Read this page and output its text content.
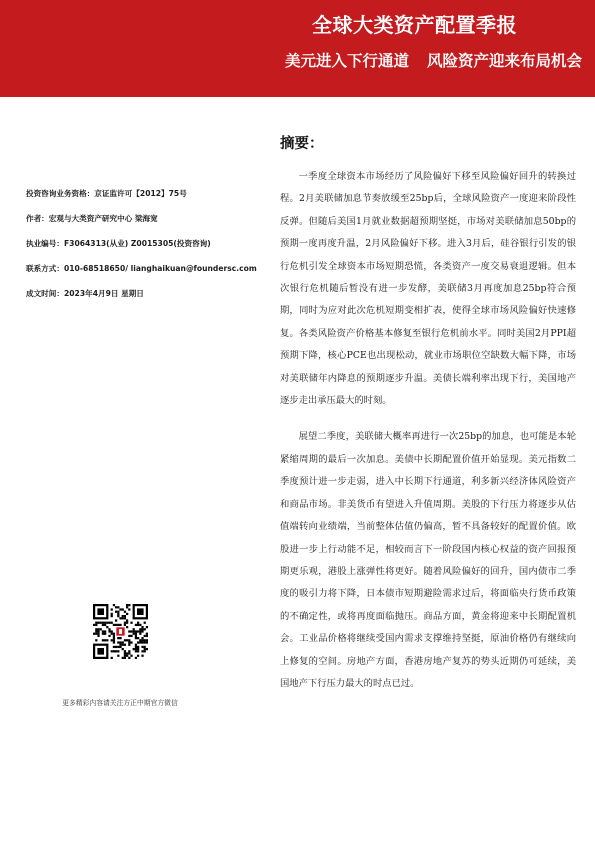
全球大类资产配置季报
美元进入下行通道 风险资产迎来布局机会
投资咨询业务资格：京证监许可【2012】75号
作者：宏观与大类资产研究中心 梁海宽
执业编号：F3064313(从业) Z0015305(投资咨询)
联系方式：010-68518650/ lianghaikuan@foundersc.com
成文时间：2023年4月9日 星期日
更多精彩内容请关注方正中期官方微信
摘要：

一季度全球资本市场经历了风险偏好下移至风险偏好回升的转换过程。2月美联储加息节奏放缓至25bp后，全球风险资产一度迎来阶段性反弹。但随后美国1月就业数据超预期坚挺，市场对美联储加息50bp的预期一度再度升温，2月风险偏好下移。进入3月后，硅谷银行引发的银行危机引发全球资本市场短期恐慌，各类资产一度交易衰退逻辑。但本次银行危机随后暂没有进一步发酵，美联储3月再度加息25bp符合预期，同时为应对此次危机短期变相扩表，使得全球市场风险偏好快速修复。各类风险资产价格基本修复至银行危机前水平。同时美国2月PPI超预期下降，核心PCE也出现松动，就业市场职位空缺数大幅下降，市场对美联储年内降息的预期逐步升温。美债长端利率出现下行，美国地产逐步走出承压最大的时刻。

展望二季度，美联储大概率再进行一次25bp的加息，也可能是本轮紧缩周期的最后一次加息。美债中长期配置价值开始显现。美元指数二季度预计进一步走弱，进入中长期下行通道，利多新兴经济体风险资产和商品市场。非美货币有望进入升值周期。美股的下行压力将逐步从估值端转向业绩端，当前整体估值仍偏高，暂不具备较好的配置价值。欧股进一步上行动能不足，相较而言下一阶段国内核心权益的资产回报预期更乐观，港股上涨弹性将更好。随着风险偏好的回升，国内债市二季度的吸引力将下降，日本债市短期避险需求过后，将面临央行货币政策的不确定性，或将再度面临抛压。商品方面，黄金将迎来中长期配置机会。工业品价格将继续受国内需求支撑维持坚挺，原油价格仍有继续向上修复的空间。房地产方面，香港房地产复苏的势头近期仍可延续，美国地产下行压力最大的时点已过。
